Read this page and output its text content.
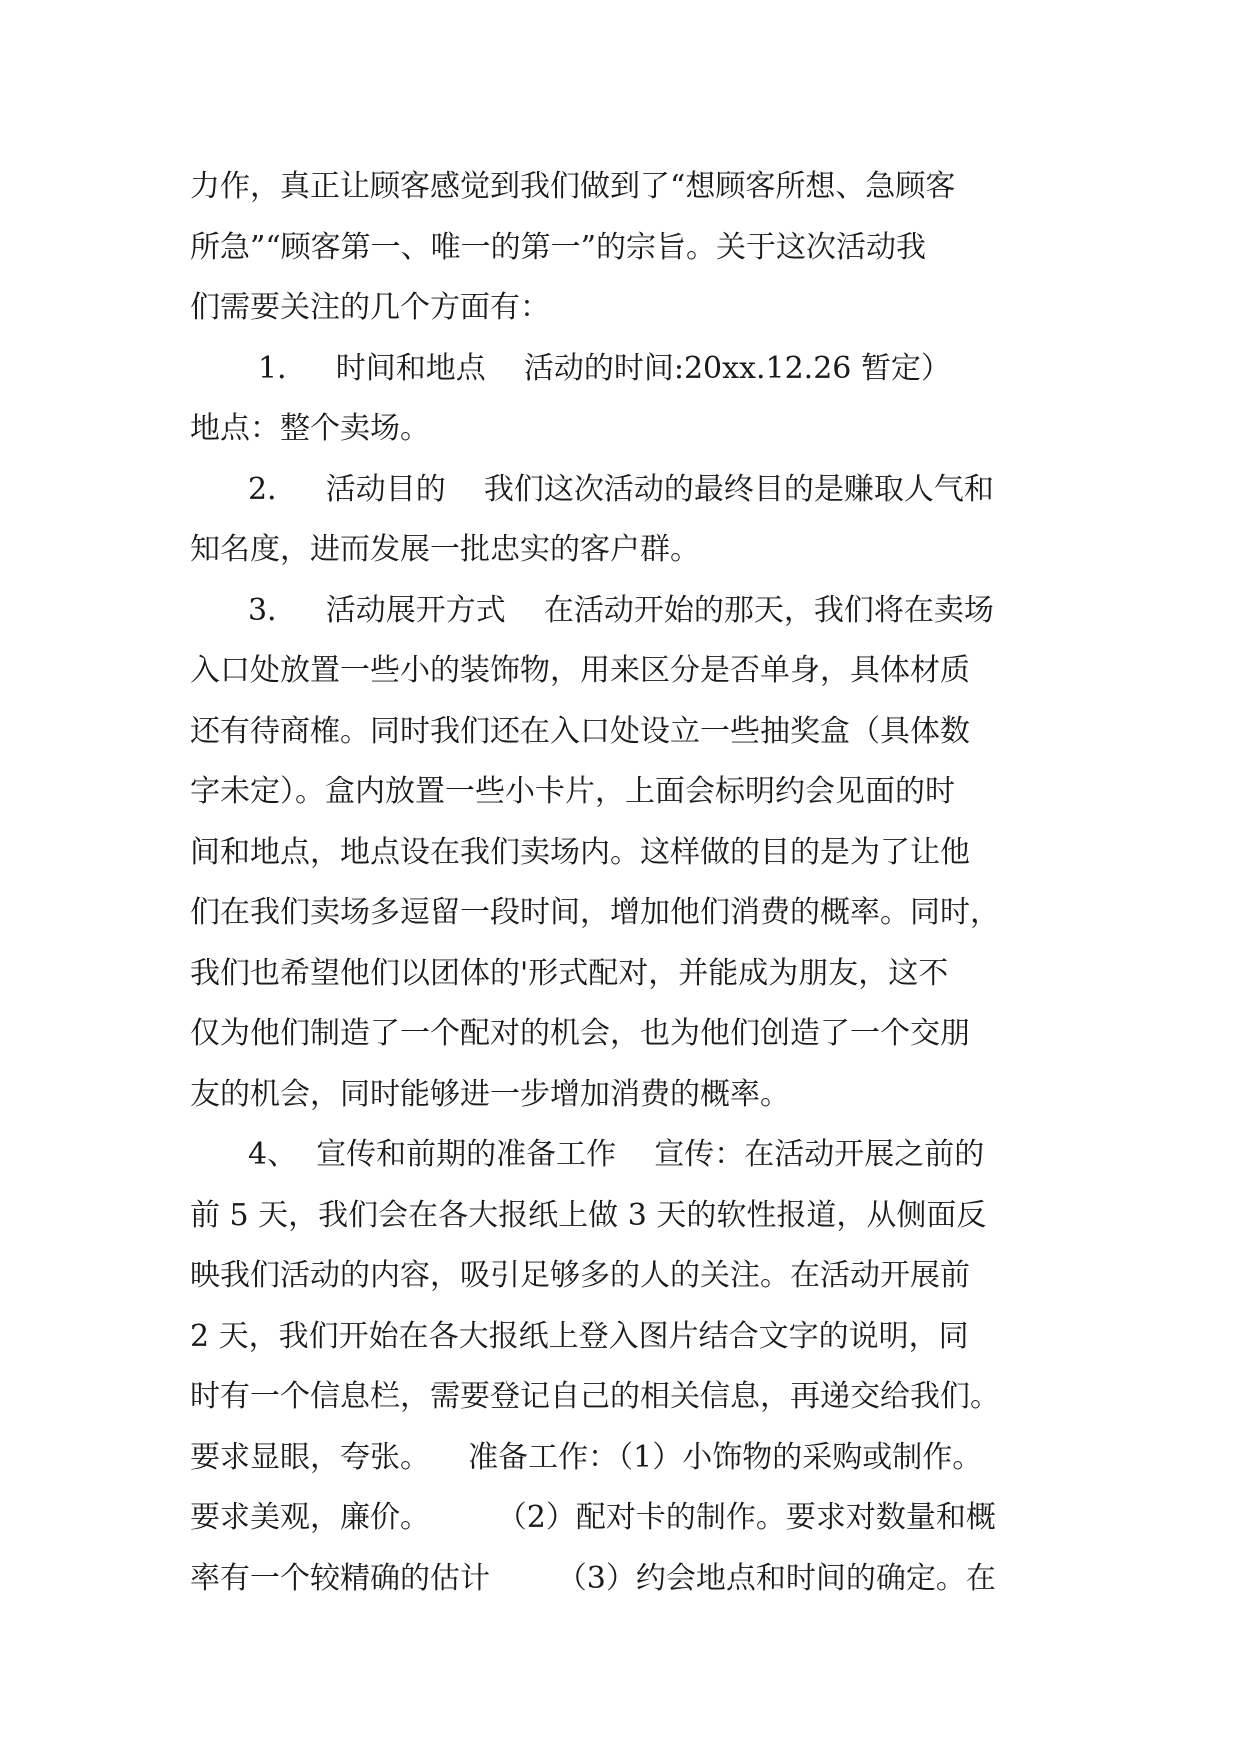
力作，真正让顾客感觉到我们做到了“想顾客所想、急顾客
所急”“顾客第一、唯一的第一”的宗旨。关于这次活动我
们需要关注的几个方面有：
1．   时间和地点    活动的时间:20xx.12.26 暂定）
地点：整个卖场。
2．   活动目的    我们这次活动的最终目的是赚取人气和
知名度，进而发展一批忠实的客户群。
3．   活动展开方式    在活动开始的那天，我们将在卖场
入口处放置一些小的装饰物，用来区分是否单身，具体材质
还有待商榷。同时我们还在入口处设立一些抽奖盒（具体数
字未定）。盒内放置一些小卡片，上面会标明约会见面的时
间和地点，地点设在我们卖场内。这样做的目的是为了让他
们在我们卖场多逗留一段时间，增加他们消费的概率。同时，
我们也希望他们以团体的'形式配对，并能成为朋友，这不
仅为他们制造了一个配对的机会，也为他们创造了一个交朋
友的机会，同时能够进一步增加消费的概率。
4、  宣传和前期的准备工作    宣传：在活动开展之前的
前 5 天，我们会在各大报纸上做 3 天的软性报道，从侧面反
映我们活动的内容，吸引足够多的人的关注。在活动开展前
2 天，我们开始在各大报纸上登入图片结合文字的说明，同
时有一个信息栏，需要登记自己的相关信息，再递交给我们。
要求显眼，夸张。    准备工作：（1）小饰物的采购或制作。
要求美观，廉价。       （2）配对卡的制作。要求对数量和概
率有一个较精确的估计       （3）约会地点和时间的确定。在
